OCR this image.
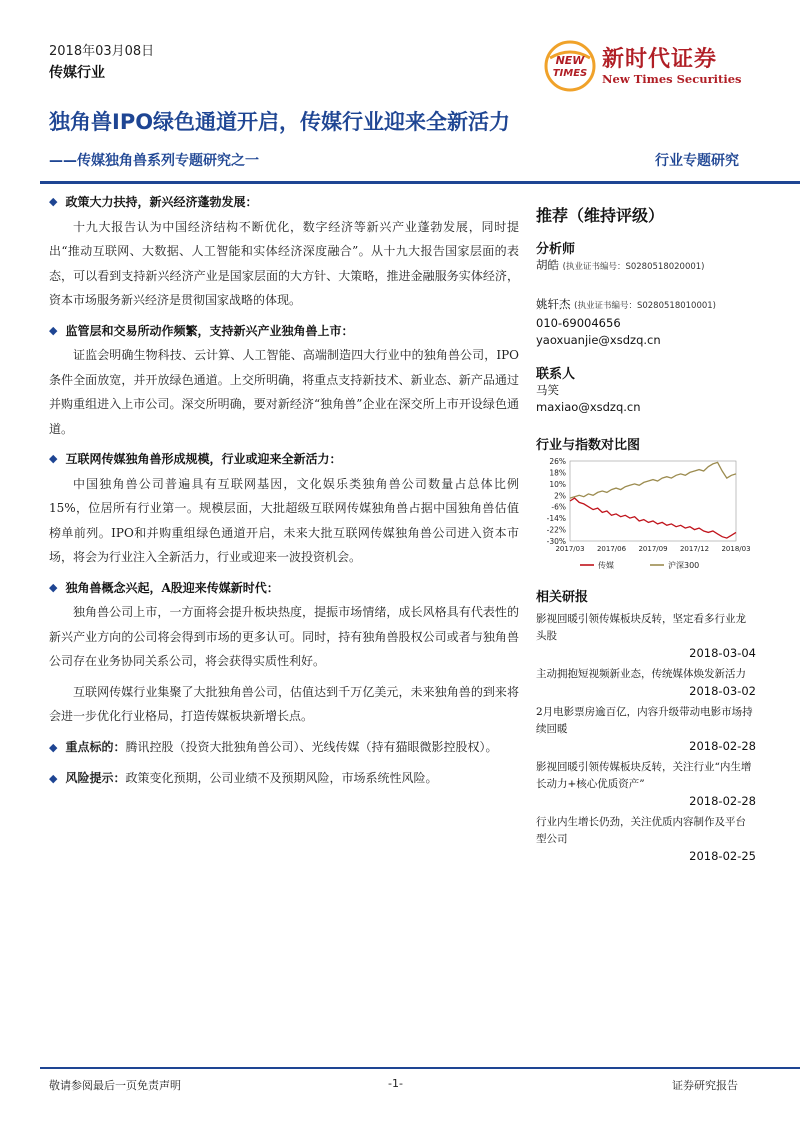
2018年03月08日
传媒行业
NEW
TIMES
新时代证券
New Times Securities
独角兽IPO绿色通道开启，传媒行业迎来全新活力
——传媒独角兽系列专题研究之一	行业专题研究
◆ 政策大力扶持，新兴经济蓬勃发展：

十九大报告认为中国经济结构不断优化，数字经济等新兴产业蓬勃发展，同时提出“推动互联网、大数据、人工智能和实体经济深度融合”。从十九大报告国家层面的表态，可以看到支持新兴经济产业是国家层面的大方针、大策略，推进金融服务实体经济，资本市场服务新兴经济是贯彻国家战略的体现。

◆ 监管层和交易所动作频繁，支持新兴产业独角兽上市：

证监会明确生物科技、云计算、人工智能、高端制造四大行业中的独角兽公司，IPO条件全面放宽，并开放绿色通道。上交所明确，将重点支持新技术、新业态、新产品通过并购重组进入上市公司。深交所明确，要对新经济“独角兽”企业在深交所上市开设绿色通道。

◆ 互联网传媒独角兽形成规模，行业或迎来全新活力：

中国独角兽公司普遍具有互联网基因，文化娱乐类独角兽公司数量占总体比例15%，位居所有行业第一。规模层面，大批超级互联网传媒独角兽占据中国独角兽估值榜单前列。IPO和并购重组绿色通道开启，未来大批互联网传媒独角兽公司进入资本市场，将会为行业注入全新活力，行业或迎来一波投资机会。

◆ 独角兽概念兴起，A股迎来传媒新时代：

独角兽公司上市，一方面将会提升板块热度，提振市场情绪，成长风格具有代表性的新兴产业方向的公司将会得到市场的更多认可。同时，持有独角兽股权公司或者与独角兽公司存在业务协同关系公司，将会获得实质性利好。

互联网传媒行业集聚了大批独角兽公司，估值达到千万亿美元，未来独角兽的到来将会进一步优化行业格局，打造传媒板块新增长点。

◆ 重点标的：腾讯控股（投资大批独角兽公司）、光线传媒（持有猫眼微影控股权）。
◆ 风险提示：政策变化预期，公司业绩不及预期风险，市场系统性风险。
推荐（维持评级）
分析师
胡皓 (执业证书编号：S0280518020001)
姚轩杰 (执业证书编号：S0280518010001)
010-69004656
yaoxuanjie@xsdzq.cn
联系人
马笑
maxiao@xsdzq.cn
行业与指数对比图
26%
18%
10%
2%
-6%
-14%
-22%
-30%
2017/03 2017/06 2017/09 2017/12 2018/03
传媒	沪深300
相关研报
影视回暖引领传媒板块反转，坚定看多行业龙头股
2018-03-04
主动拥抱短视频新业态，传统媒体焕发新活力
2018-03-02
2月电影票房逾百亿，内容升级带动电影市场持续回暖
2018-02-28
影视回暖引领传媒板块反转，关注行业“内生增长动力+核心优质资产”
2018-02-28
行业内生增长仍劲，关注优质内容制作及平台型公司
2018-02-25
敬请参阅最后一页免责声明	-1-	证券研究报告
